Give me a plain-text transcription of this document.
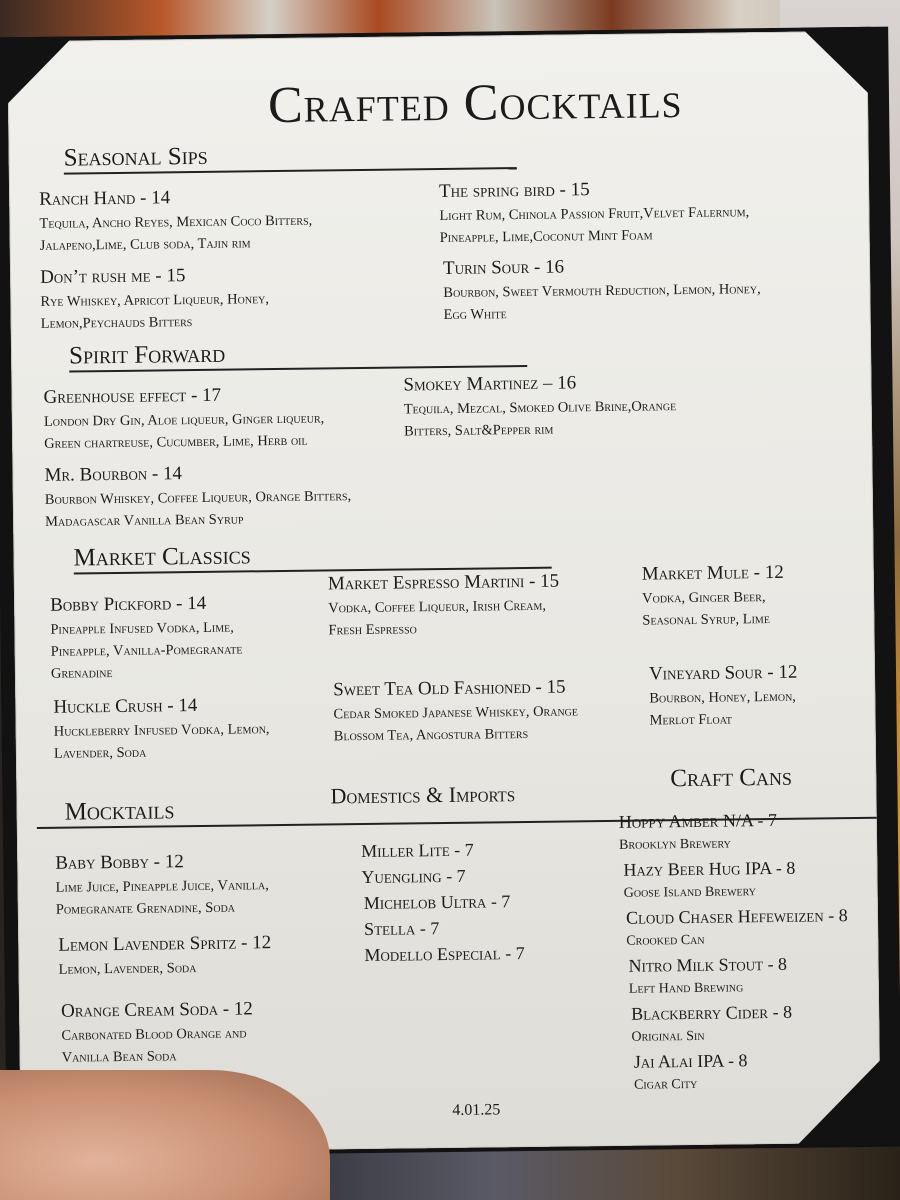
Crafted Cocktails
Seasonal Sips
Ranch Hand - 14
Tequila, Ancho Reyes, Mexican Coco Bitters, Jalapeno,Lime, Club soda, Tajin rim
Don’t rush me - 15
Rye Whiskey, Apricot Liqueur, Honey, Lemon,Peychauds Bitters
The spring bird - 15
Light Rum, Chinola Passion Fruit,Velvet Falernum, Pineapple, Lime,Coconut Mint Foam
Turin Sour - 16
Bourbon, Sweet Vermouth Reduction, Lemon, Honey, Egg White
Spirit Forward
Greenhouse effect - 17
London Dry Gin, Aloe liqueur, Ginger liqueur, Green chartreuse, Cucumber, Lime, Herb oil
Mr. Bourbon - 14
Bourbon Whiskey, Coffee Liqueur, Orange Bitters, Madagascar Vanilla Bean Syrup
Smokey Martinez – 16
Tequila, Mezcal, Smoked Olive Brine,Orange Bitters, Salt&Pepper rim
Market Classics
Bobby Pickford - 14
Pineapple Infused Vodka, Lime, Pineapple, Vanilla-Pomegranate Grenadine
Huckle Crush - 14
Huckleberry Infused Vodka, Lemon, Lavender, Soda
Market Espresso Martini - 15
Vodka, Coffee Liqueur, Irish Cream, Fresh Espresso
Sweet Tea Old Fashioned - 15
Cedar Smoked Japanese Whiskey, Orange Blossom Tea, Angostura Bitters
Market Mule - 12
Vodka, Ginger Beer, Seasonal Syrup, Lime
Vineyard Sour - 12
Bourbon, Honey, Lemon, Merlot Float
Mocktails
Domestics & Imports
Craft Cans
Baby Bobby - 12
Lime Juice, Pineapple Juice, Vanilla, Pomegranate Grenadine, Soda
Lemon Lavender Spritz - 12
Lemon, Lavender, Soda
Orange Cream Soda - 12
Carbonated Blood Orange and Vanilla Bean Soda
Miller Lite - 7
Yuengling - 7
Michelob Ultra - 7
Stella - 7
Modello Especial - 7
Hoppy Amber N/A - 7
Brooklyn Brewery
Hazy Beer Hug IPA - 8
Goose Island Brewery
Cloud Chaser Hefeweizen - 8
Crooked Can
Nitro Milk Stout - 8
Left Hand Brewing
Blackberry Cider - 8
Original Sin
Jai Alai IPA - 8
Cigar City
4.01.25
